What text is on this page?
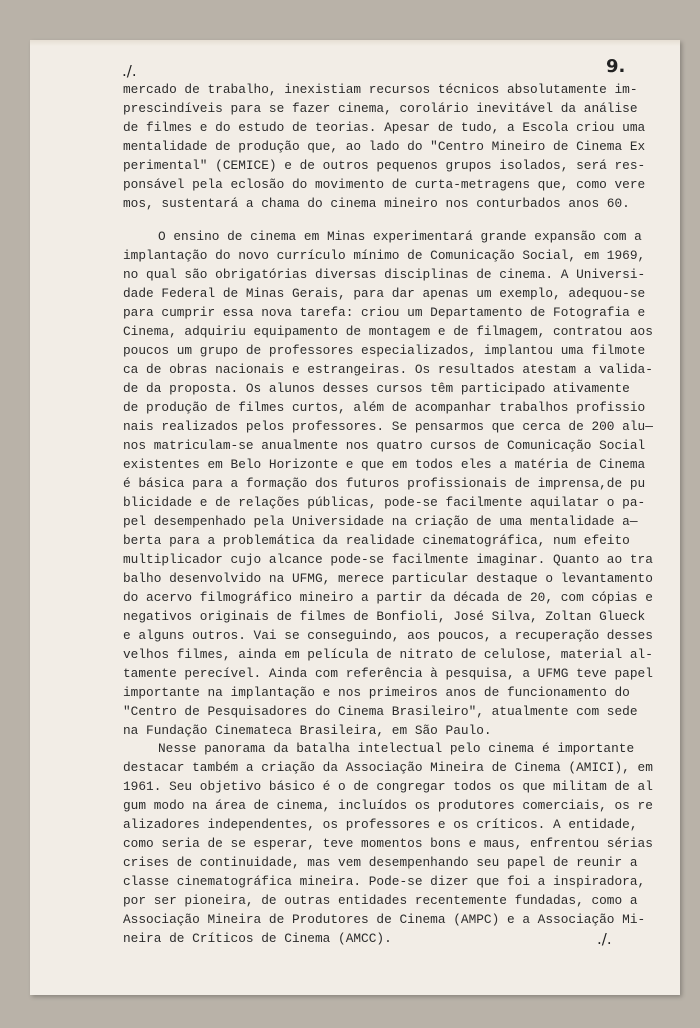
./.	9.
./.
mercado de trabalho, inexistiam recursos técnicos absolutamente im-
prescindíveis para se fazer cinema, corolário inevitável da análise
de filmes e do estudo de teorias. Apesar de tudo, a Escola criou uma
mentalidade de produção que, ao lado do "Centro Mineiro de Cinema Ex
perimental" (CEMICE) e de outros pequenos grupos isolados, será res-
ponsável pela eclosão do movimento de curta-metragens que, como vere
mos, sustentará a chama do cinema mineiro nos conturbados anos 60.
O ensino de cinema em Minas experimentará grande expansão com a
implantação do novo currículo mínimo de Comunicação Social, em 1969,
no qual são obrigatórias diversas disciplinas de cinema. A Universi-
dade Federal de Minas Gerais, para dar apenas um exemplo, adequou-se
para cumprir essa nova tarefa: criou um Departamento de Fotografia e
Cinema, adquiriu equipamento de montagem e de filmagem, contratou aos
poucos um grupo de professores especializados, implantou uma filmote
ca de obras nacionais e estrangeiras. Os resultados atestam a valida-
de da proposta. Os alunos desses cursos têm participado ativamente
de produção de filmes curtos, além de acompanhar trabalhos profissio
nais realizados pelos professores. Se pensarmos que cerca de 200 alu—
nos matriculam-se anualmente nos quatro cursos de Comunicação Social
existentes em Belo Horizonte e que em todos eles a matéria de Cinema
é básica para a formação dos futuros profissionais de imprensa,de pu
blicidade e de relações públicas, pode-se facilmente aquilatar o pa-
pel desempenhado pela Universidade na criação de uma mentalidade a—
berta para a problemática da realidade cinematográfica, num efeito
multiplicador cujo alcance pode-se facilmente imaginar. Quanto ao tra
balho desenvolvido na UFMG, merece particular destaque o levantamento
do acervo filmográfico mineiro a partir da década de 20, com cópias e
negativos originais de filmes de Bonfioli, José Silva, Zoltan Glueck
e alguns outros. Vai se conseguindo, aos poucos, a recuperação desses
velhos filmes, ainda em película de nitrato de celulose, material al-
tamente perecível. Ainda com referência à pesquisa, a UFMG teve papel
importante na implantação e nos primeiros anos de funcionamento do
"Centro de Pesquisadores do Cinema Brasileiro", atualmente com sede
na Fundação Cinemateca Brasileira, em São Paulo.
Nesse panorama da batalha intelectual pelo cinema é importante
destacar também a criação da Associação Mineira de Cinema (AMICI), em
1961. Seu objetivo básico é o de congregar todos os que militam de al
gum modo na área de cinema, incluídos os produtores comerciais, os re
alizadores independentes, os professores e os críticos. A entidade,
como seria de se esperar, teve momentos bons e maus, enfrentou sérias
crises de continuidade, mas vem desempenhando seu papel de reunir a
classe cinematográfica mineira. Pode-se dizer que foi a inspiradora,
por ser pioneira, de outras entidades recentemente fundadas, como a
Associação Mineira de Produtores de Cinema (AMPC) e a Associação Mi-
neira de Críticos de Cinema (AMCC).
